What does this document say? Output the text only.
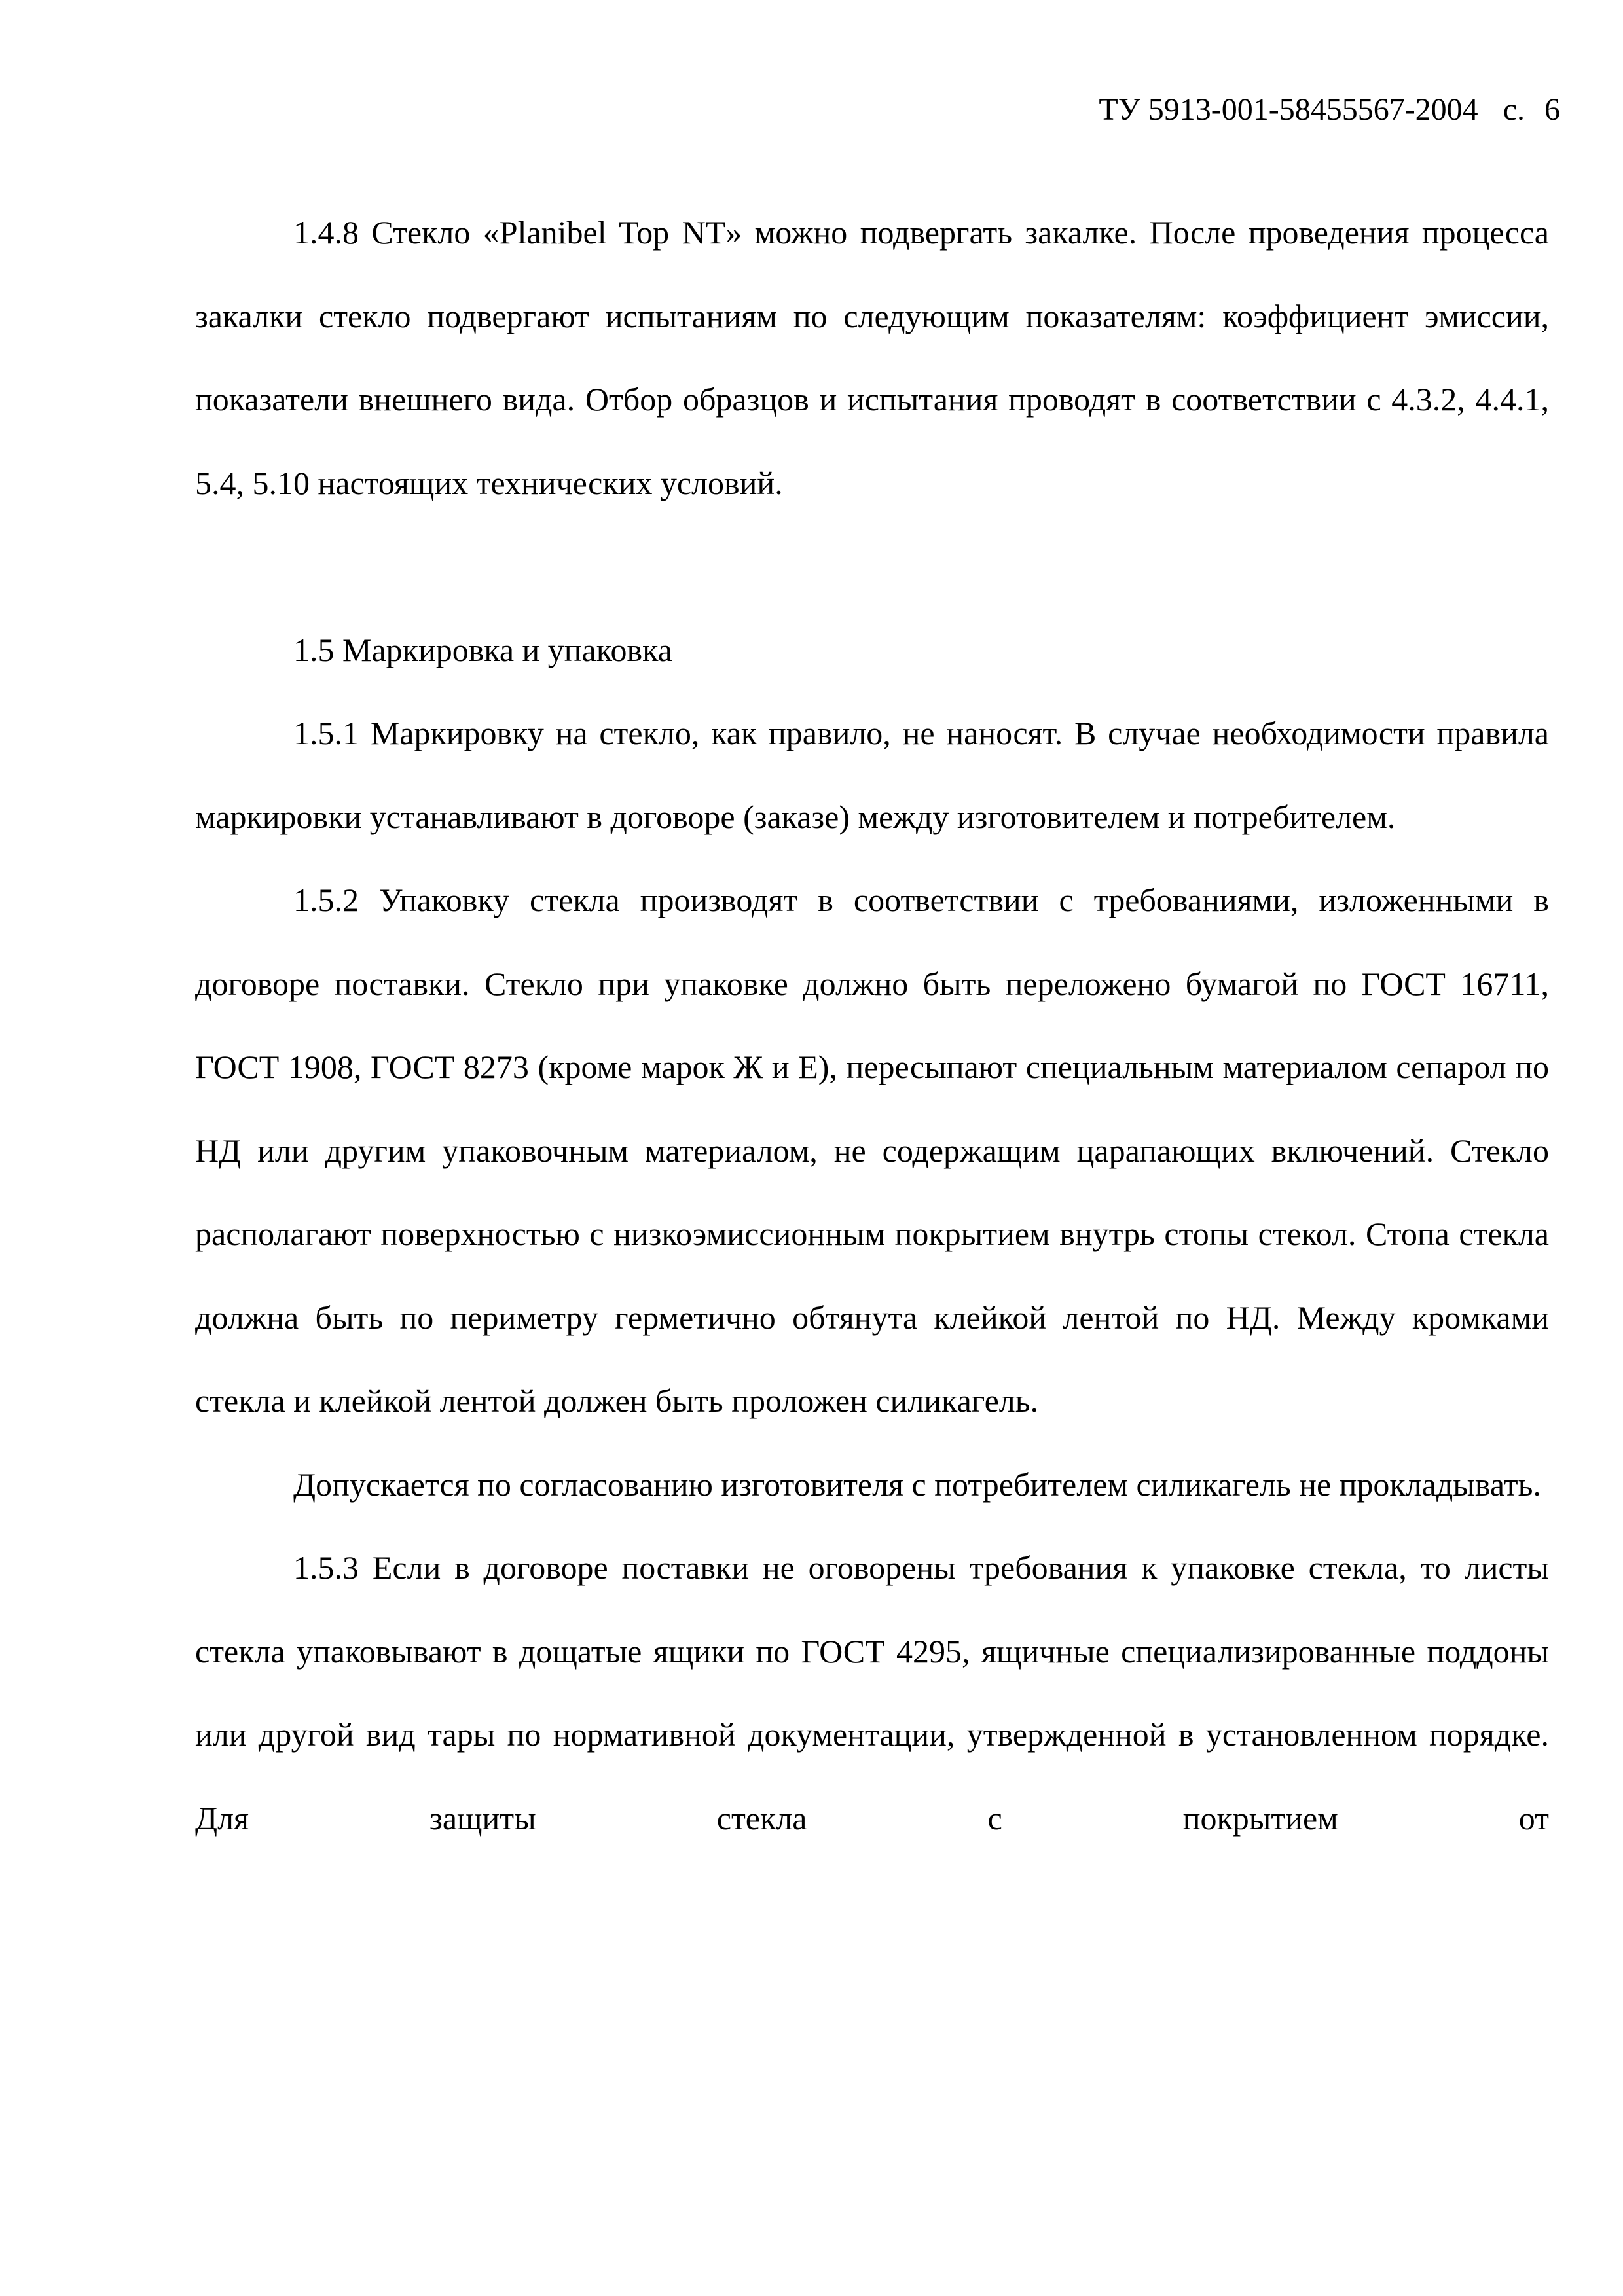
ТУ 5913-001-58455567-2004 с. 6

1.4.8 Стекло «Planibel Top NT» можно подвергать закалке. После проведения процесса закалки стекло подвергают испытаниям по следующим показателям: коэффициент эмиссии, показатели внешнего вида. Отбор образцов и испытания проводят в соответствии с 4.3.2, 4.4.1, 5.4, 5.10 настоящих технических условий.

1.5 Маркировка и упаковка

1.5.1 Маркировку на стекло, как правило, не наносят. В случае необходимости правила маркировки устанавливают в договоре (заказе) между изготовителем и потребителем.

1.5.2 Упаковку стекла производят в соответствии с требованиями, изложенными в договоре поставки. Стекло при упаковке должно быть переложено бумагой по ГОСТ 16711, ГОСТ 1908, ГОСТ 8273 (кроме марок Ж и Е), пересыпают специальным материалом сепарол по НД или другим упаковочным материалом, не содержащим царапающих включений. Стекло располагают поверхностью с низкоэмиссионным покрытием внутрь стопы стекол. Стопа стекла должна быть по периметру герметично обтянута клейкой лентой по НД. Между кромками стекла и клейкой лентой должен быть проложен силикагель.

Допускается по согласованию изготовителя с потребителем силикагель не прокладывать.

1.5.3 Если в договоре поставки не оговорены требования к упаковке стекла, то листы стекла упаковывают в дощатые ящики по ГОСТ 4295, ящичные специализированные поддоны или другой вид тары по нормативной документации, утвержденной в установленном порядке. Для защиты стекла с покрытием от
